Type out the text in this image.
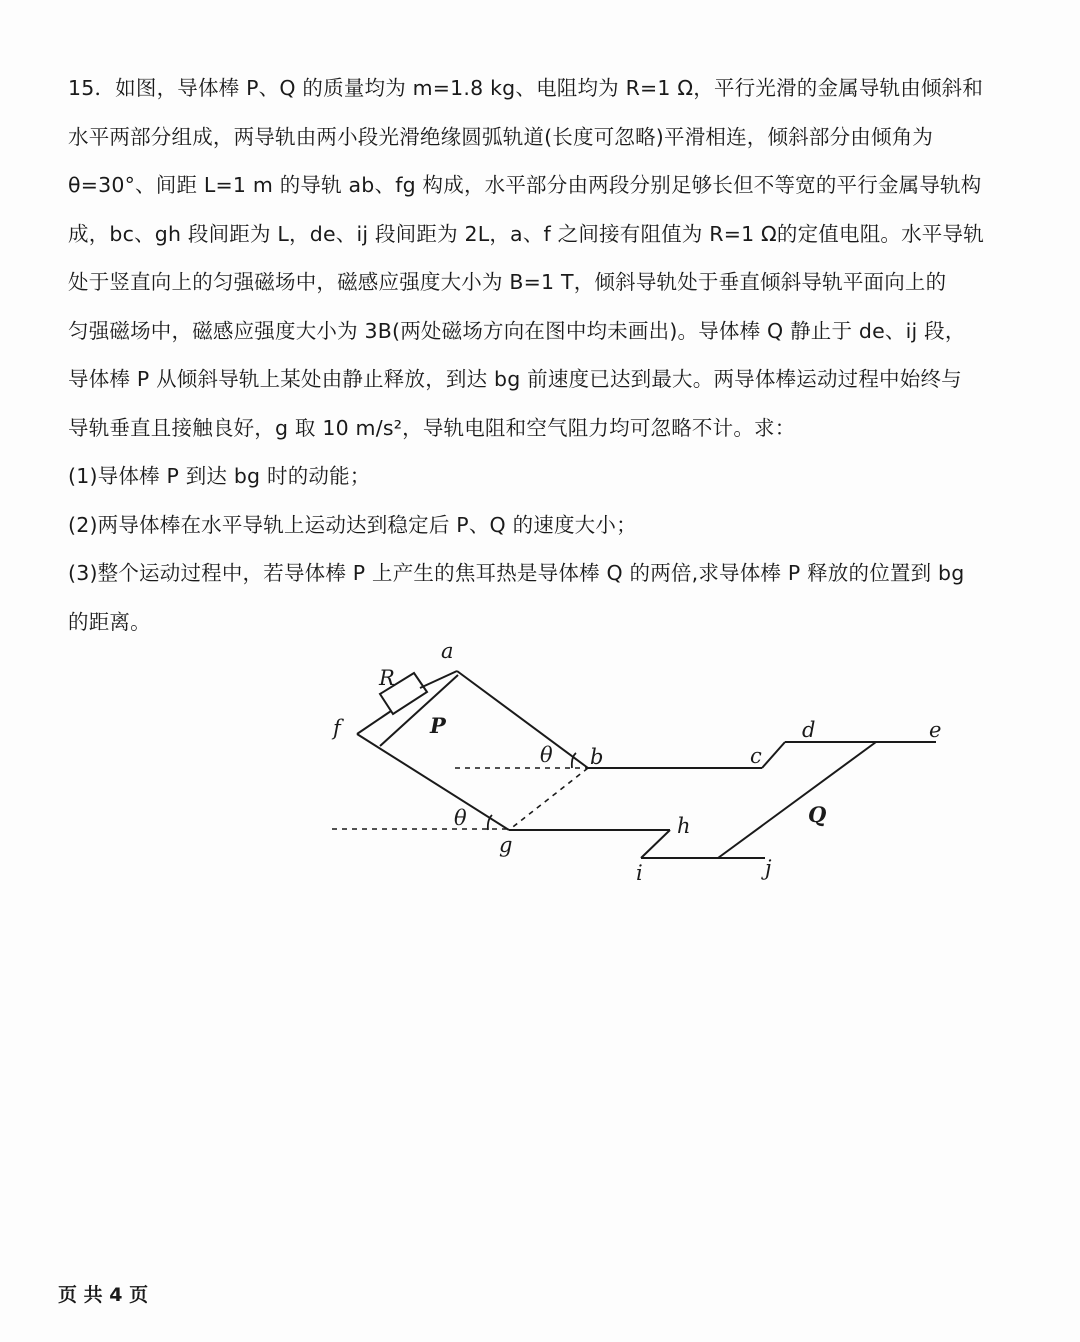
15．如图，导体棒 P、Q 的质量均为 m=1.8 kg、电阻均为 R=1 Ω，平行光滑的金属导轨由倾斜和
水平两部分组成，两导轨由两小段光滑绝缘圆弧轨道(长度可忽略)平滑相连，倾斜部分由倾角为
θ=30°、间距 L=1 m 的导轨 ab、fg 构成，水平部分由两段分别足够长但不等宽的平行金属导轨构
成，bc、gh 段间距为 L，de、ij 段间距为 2L，a、f 之间接有阻值为 R=1 Ω的定值电阻。水平导轨
处于竖直向上的匀强磁场中，磁感应强度大小为 B=1 T，倾斜导轨处于垂直倾斜导轨平面向上的
匀强磁场中，磁感应强度大小为 3B(两处磁场方向在图中均未画出)。导体棒 Q 静止于 de、ij 段，
导体棒 P 从倾斜导轨上某处由静止释放，到达 bg 前速度已达到最大。两导体棒运动过程中始终与
导轨垂直且接触良好，g 取 10 m/s²，导轨电阻和空气阻力均可忽略不计。求：
(1)导体棒 P 到达 bg 时的动能；
(2)两导体棒在水平导轨上运动达到稳定后 P、Q 的速度大小；
(3)整个运动过程中，若导体棒 P 上产生的焦耳热是导体棒 Q 的两倍,求导体棒 P 释放的位置到 bg
的距离。
a
R
f	P
θ b	c
d	e
θ
g
h	Q
i	j
页 共 4 页
